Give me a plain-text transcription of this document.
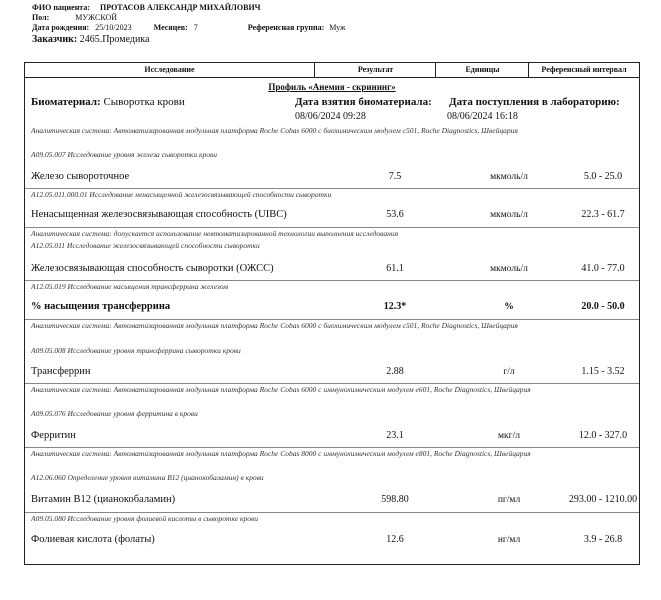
ФИО пациента: ПРОТАСОВ АЛЕКСАНДР МИХАЙЛОВИЧ
Пол:	МУЖСКОЙ
Дата рождения: 25/10/2023	Месяцев: 7	Референсная группа: Муж
Заказчик: 2465.Промедика
Исследование	Результат	Единицы	Референсный интервал
Профиль «Анемия - скрининг»
Биоматериал: Сыворотка крови	Дата взятия биоматериала:
08/06/2024 09:28
Дата поступления в лабораторию:
08/06/2024 16:18
Аналитическая система: Автоматизированная модульная платформа Roche Cobas 6000 с биохимическим модулем с501, Roche Diagnostics, Швейцария
A09.05.007 Исследование уровня железа сыворотки крови
Железо сывороточное	7.5	мкмоль/л	5.0 - 25.0
A12.05.011.000.01 Исследование ненасыщенной железосвязывающей способности сыворотки
Ненасыщенная железосвязывающая способность (UIBC)	53.6	мкмоль/л	22.3 - 61.7
Аналитическая система: допускается использование невтоматизированной технологии выполнения исследования
A12.05.011 Исследование железосвязывающей способности сыворотки
Железосвязывающая способность сыворотки (ОЖСС)	61.1	мкмоль/л	41.0 - 77.0
A12.05.019 Исследование насыщения трансферрина железом
% насыщения трансферрина	12.3*	%	20.0 - 50.0
Аналитическая система: Автоматизированная модульная платформа Roche Cobas 6000 с биохимическим модулем с501, Roche Diagnostics, Швейцария
A09.05.008 Исследование уровня трансферрина сыворотки крови
Трансферрин	2.88	г/л	1.15 - 3.52
Аналитическая система: Автоматизированная модульная платформа Roche Cobas 6000 с иммунохимическим модулем е601, Roche Diagnostics, Швейцария
A09.05.076 Исследование уровня ферритина в крови
Ферритин	23.1	мкг/л	12.0 - 327.0
Аналитическая система: Автоматизированная модульная платформа Roche Cobas 8000 с иммунохимическим модулем е801, Roche Diagnostics, Швейцария
A12.06.060 Определение уровня витамина B12 (цианокобаламин) в крови
Витамин B12 (цианокобаламин)	598.80	пг/мл	293.00 - 1210.00
A09.05.080 Исследование уровня фолиевой кислоты в сыворотке крови
Фолиевая кислота (фолаты)	12.6	нг/мл	3.9 - 26.8
